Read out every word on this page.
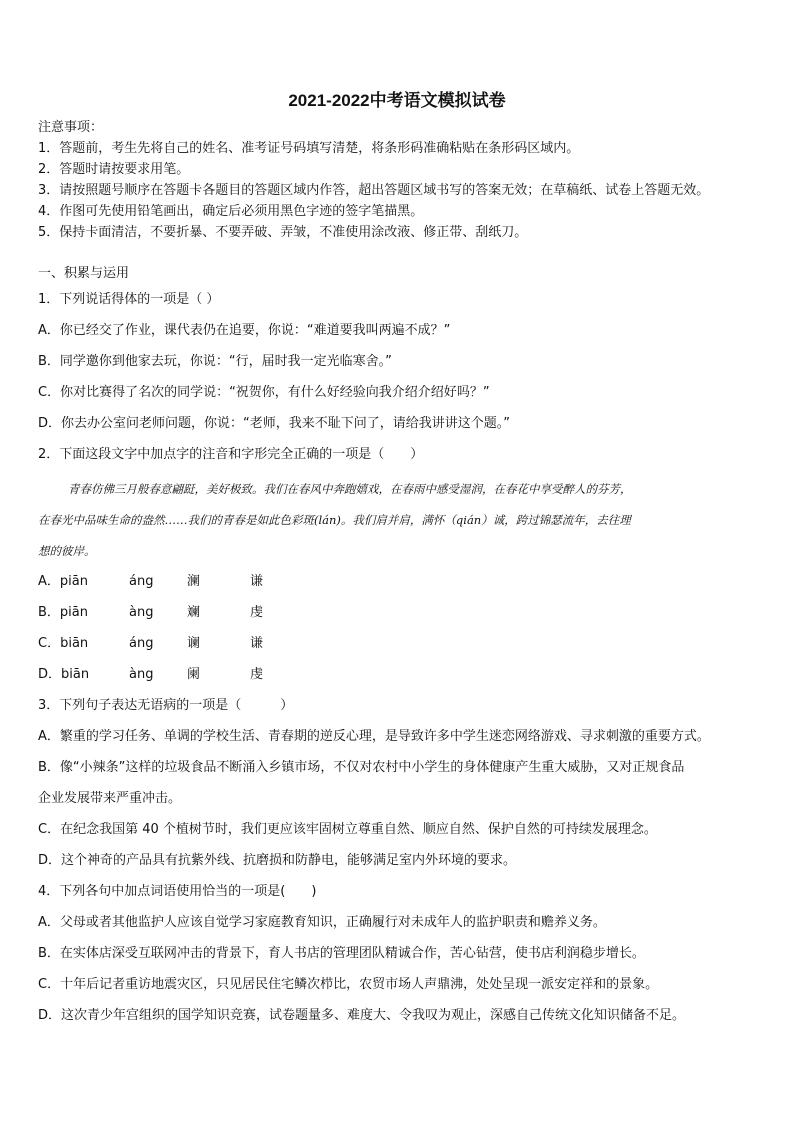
2021-2022中考语文模拟试卷
注意事项：
1．答题前，考生先将自己的姓名、准考证号码填写清楚，将条形码准确粘贴在条形码区域内。
2．答题时请按要求用笔。
3．请按照题号顺序在答题卡各题目的答题区域内作答，超出答题区域书写的答案无效；在草稿纸、试卷上答题无效。
4．作图可先使用铅笔画出，确定后必须用黑色字迹的签字笔描黑。
5．保持卡面清洁，不要折暴、不要弄破、弄皱，不准使用涂改液、修正带、刮纸刀。
一、积累与运用
1．下列说话得体的一项是（ ）
A．你已经交了作业，课代表仍在追要，你说：“难道要我叫两遍不成？”
B．同学邀你到他家去玩，你说：“行，届时我一定光临寒舍。”
C．你对比赛得了名次的同学说：“祝贺你，有什么好经验向我介绍介绍好吗？”
D．你去办公室问老师问题，你说：“老师，我来不耻下问了，请给我讲讲这个题。”
2．下面这段文字中加点字的注音和字形完全正确的一项是（　　）
青春仿佛三月般春意翩跹，美好极致。我们在春风中奔跑嬉戏，在春雨中感受湿润，在春花中享受醉人的芬芳，
在春光中品味生命的盎然……我们的青春是如此色彩斑(lán)。我们肩并肩，满怀（qián）诚，跨过锦瑟流年，去往理
想的彼岸。
A．piān	áng	澜	谦
B．piān	àng	斓	虔
C．biān	áng	谰	谦
D．biān	àng	阑	虔
3．下列句子表达无语病的一项是（　　　）
A．繁重的学习任务、单调的学校生活、青春期的逆反心理，是导致许多中学生迷恋网络游戏、寻求刺激的重要方式。
B．像“小辣条”这样的垃圾食品不断涌入乡镇市场，不仅对农村中小学生的身体健康产生重大威胁，又对正规食品
企业发展带来严重冲击。
C．在纪念我国第 40 个植树节时，我们更应该牢固树立尊重自然、顺应自然、保护自然的可持续发展理念。
D．这个神奇的产品具有抗紫外线、抗磨损和防静电，能够满足室内外环境的要求。
4．下列各句中加点词语使用恰当的一项是(　　)
A．父母或者其他监护人应该自觉学习家庭教育知识，正确履行对未成年人的监护职责和赡养义务。
B．在实体店深受互联网冲击的背景下，育人书店的管理团队精诚合作，苦心钻营，使书店利润稳步增长。
C．十年后记者重访地震灾区，只见居民住宅鳞次栉比，农贸市场人声鼎沸，处处呈现一派安定祥和的景象。
D．这次青少年宫组织的国学知识竞赛，试卷题量多、难度大、令我叹为观止，深感自己传统文化知识储备不足。
